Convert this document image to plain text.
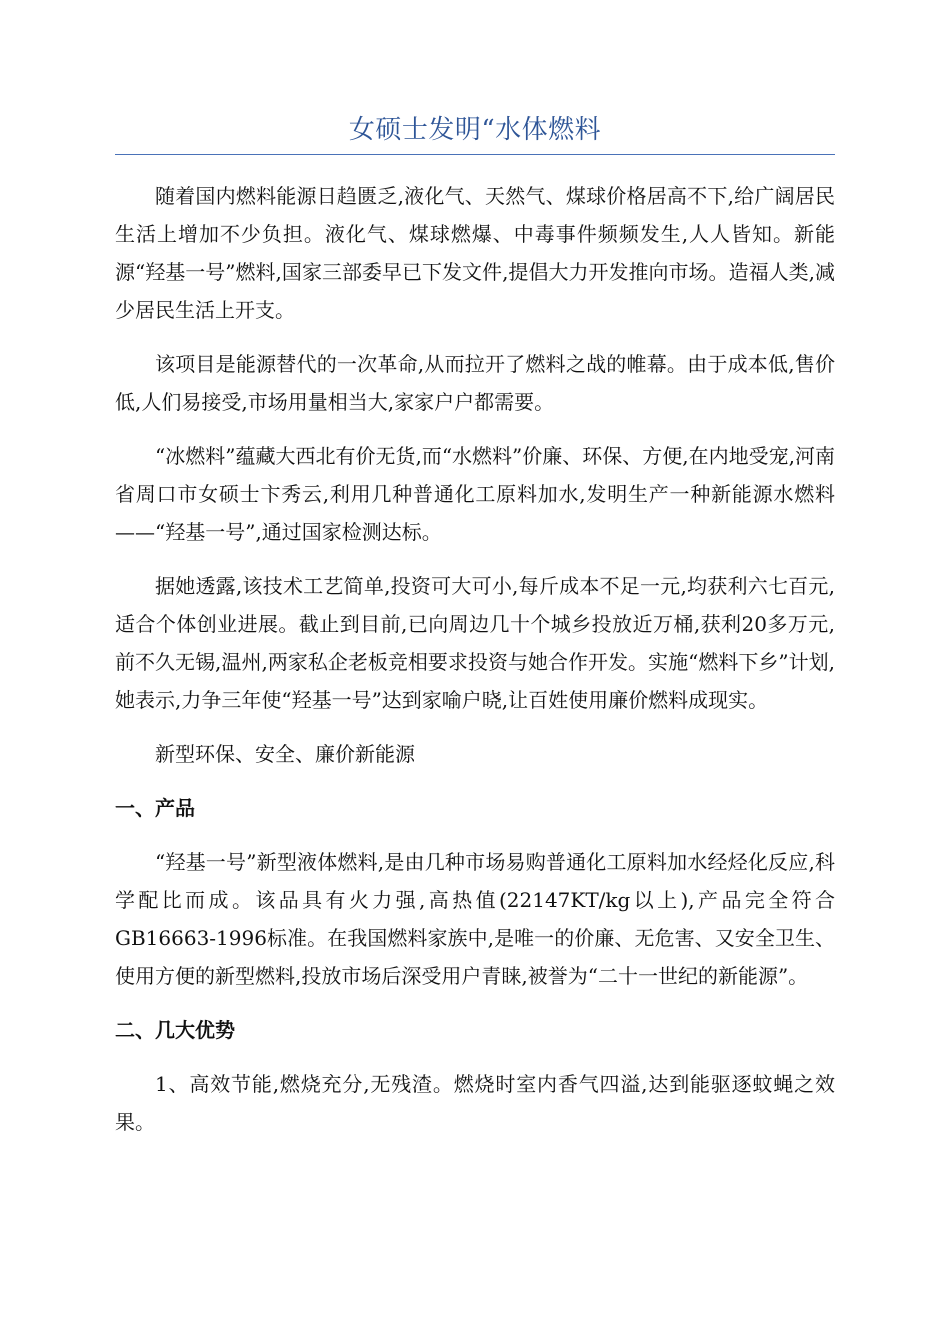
女硕士发明“水体燃料

随着国内燃料能源日趋匮乏,液化气、天然气、煤球价格居高不下,给广阔居民生活上增加不少负担。液化气、煤球燃爆、中毒事件频频发生,人人皆知。新能源“羟基一号”燃料,国家三部委早已下发文件,提倡大力开发推向市场。造福人类,减少居民生活上开支。

该项目是能源替代的一次革命,从而拉开了燃料之战的帷幕。由于成本低,售价低,人们易接受,市场用量相当大,家家户户都需要。

“冰燃料”蕴藏大西北有价无货,而“水燃料”价廉、环保、方便,在内地受宠,河南省周口市女硕士卞秀云,利用几种普通化工原料加水,发明生产一种新能源水燃料——“羟基一号”,通过国家检测达标。

据她透露,该技术工艺简单,投资可大可小,每斤成本不足一元,均获利六七百元,适合个体创业进展。截止到目前,已向周边几十个城乡投放近万桶,获利20多万元,前不久无锡,温州,两家私企老板竞相要求投资与她合作开发。实施“燃料下乡”计划,她表示,力争三年使“羟基一号”达到家喻户晓,让百姓使用廉价燃料成现实。

新型环保、安全、廉价新能源

一、产品

“羟基一号”新型液体燃料,是由几种市场易购普通化工原料加水经烃化反应,科学配比而成。该品具有火力强,高热值(22147KT/kg以上),产品完全符合GB16663-1996标准。在我国燃料家族中,是唯一的价廉、无危害、又安全卫生、使用方便的新型燃料,投放市场后深受用户青睐,被誉为“二十一世纪的新能源”。

二、几大优势

1、高效节能,燃烧充分,无残渣。燃烧时室内香气四溢,达到能驱逐蚊蝇之效果。
